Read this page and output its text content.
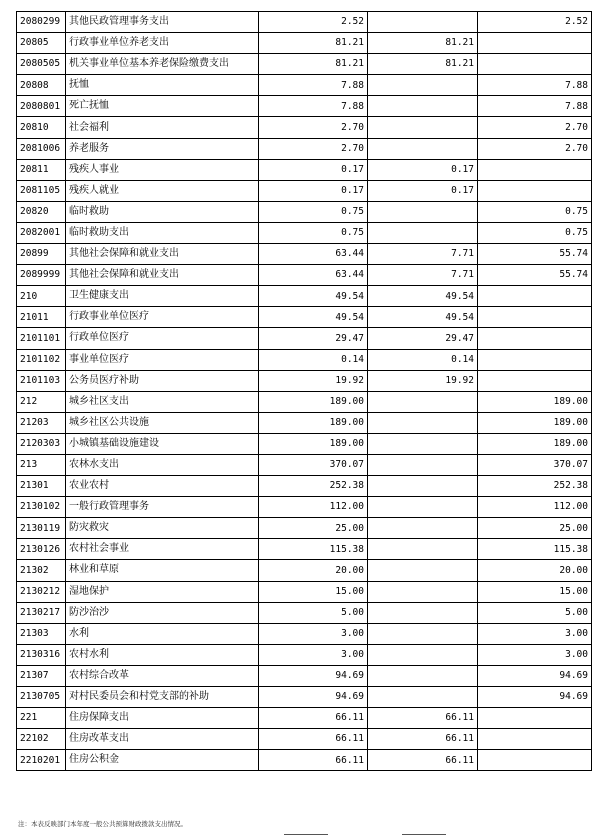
2080299	其他民政管理事务支出	2.52		2.52
20805	行政事业单位养老支出	81.21	81.21	
2080505	机关事业单位基本养老保险缴费支出	81.21	81.21	
20808	抚恤	7.88		7.88
2080801	死亡抚恤	7.88		7.88
20810	社会福利	2.70		2.70
2081006	养老服务	2.70		2.70
20811	残疾人事业	0.17	0.17	
2081105	残疾人就业	0.17	0.17	
20820	临时救助	0.75		0.75
2082001	临时救助支出	0.75		0.75
20899	其他社会保障和就业支出	63.44	7.71	55.74
2089999	其他社会保障和就业支出	63.44	7.71	55.74
210	卫生健康支出	49.54	49.54	
21011	行政事业单位医疗	49.54	49.54	
2101101	行政单位医疗	29.47	29.47	
2101102	事业单位医疗	0.14	0.14	
2101103	公务员医疗补助	19.92	19.92	
212	城乡社区支出	189.00		189.00
21203	城乡社区公共设施	189.00		189.00
2120303	小城镇基础设施建设	189.00		189.00
213	农林水支出	370.07		370.07
21301	农业农村	252.38		252.38
2130102	一般行政管理事务	112.00		112.00
2130119	防灾救灾	25.00		25.00
2130126	农村社会事业	115.38		115.38
21302	林业和草原	20.00		20.00
2130212	湿地保护	15.00		15.00
2130217	防沙治沙	5.00		5.00
21303	水利	3.00		3.00
2130316	农村水利	3.00		3.00
21307	农村综合改革	94.69		94.69
2130705	对村民委员会和村党支部的补助	94.69		94.69
221	住房保障支出	66.11	66.11	
22102	住房改革支出	66.11	66.11	
2210201	住房公积金	66.11	66.11	
注：本表反映部门本年度一般公共预算财政拨款支出情况。
